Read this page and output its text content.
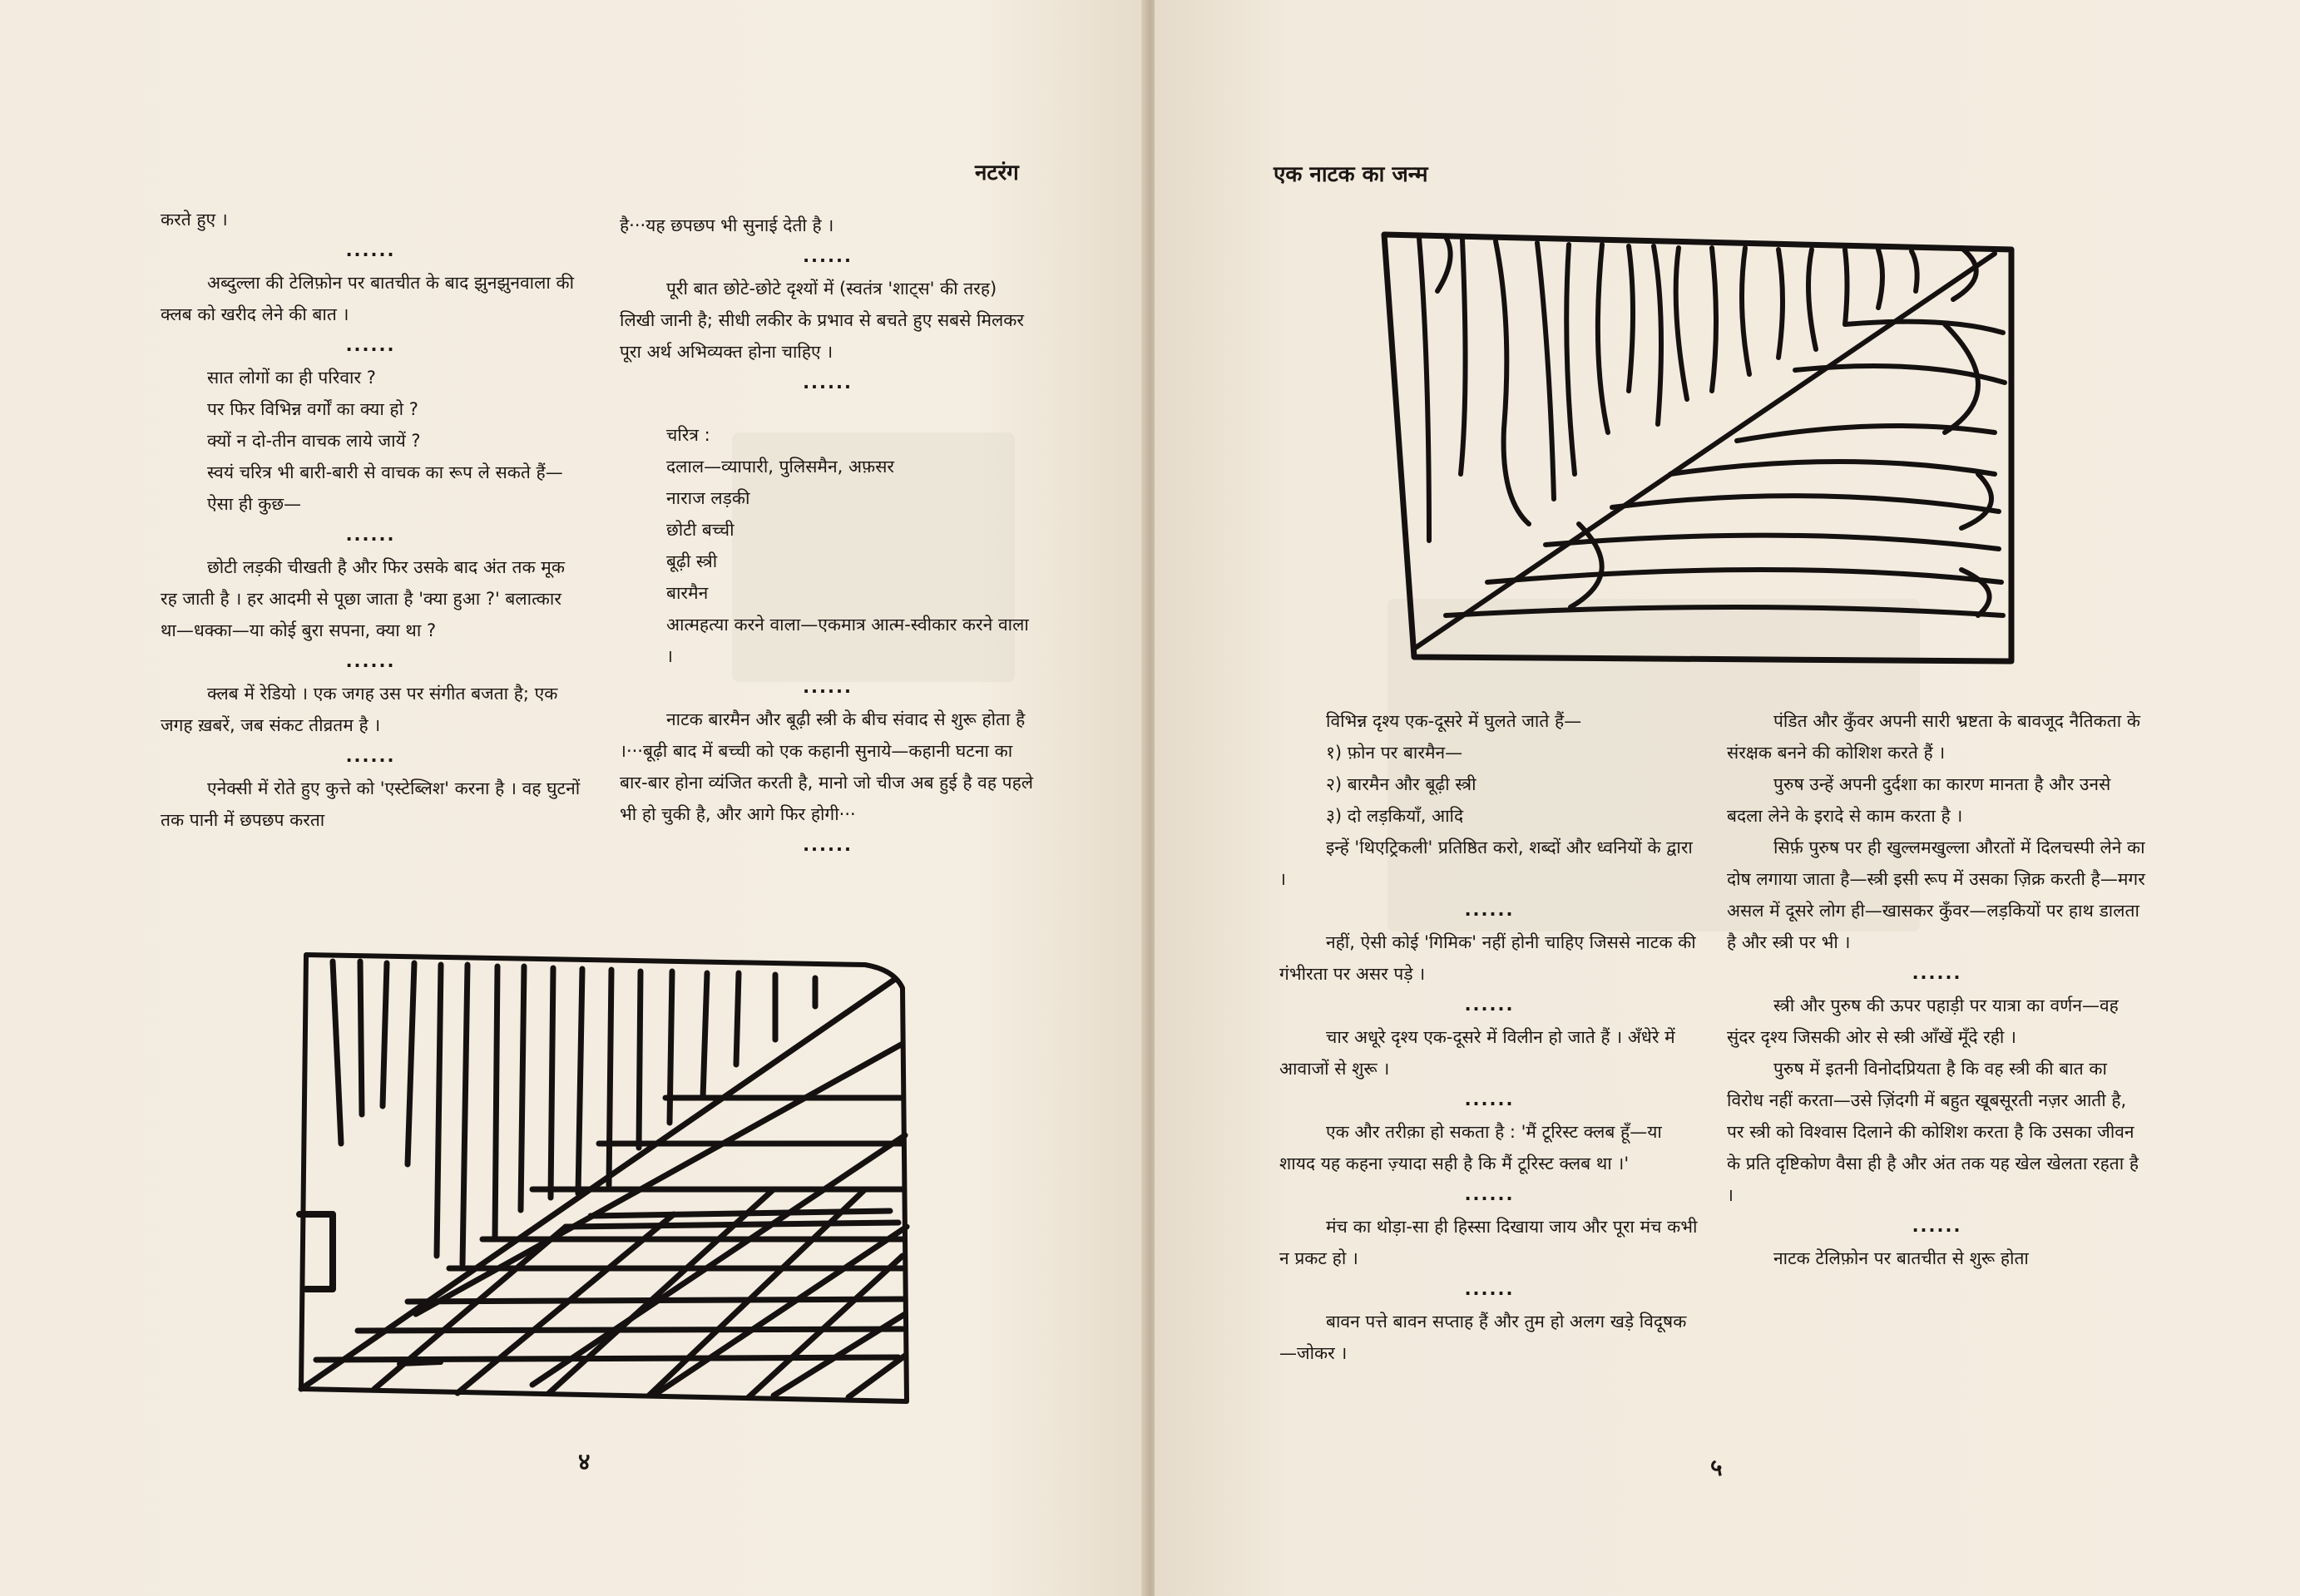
नटरंग

करते हुए ।

......

अब्दुल्ला की टेलिफ़ोन पर बातचीत के बाद झुनझुनवाला की क्लब को खरीद लेने की बात ।

......

सात लोगों का ही परिवार ?

पर फिर विभिन्न वर्गों का क्या हो ?

क्यों न दो-तीन वाचक लाये जायें ?

स्वयं चरित्र भी बारी-बारी से वाचक का रूप ले सकते हैं—

ऐसा ही कुछ—

......

छोटी लड़की चीखती है और फिर उसके बाद अंत तक मूक रह जाती है । हर आदमी से पूछा जाता है 'क्या हुआ ?' बलात्कार था—धक्का—या कोई बुरा सपना, क्या था ?

......

क्लब में रेडियो । एक जगह उस पर संगीत बजता है; एक जगह ख़बरें, जब संकट तीव्रतम है ।

......

एनेक्सी में रोते हुए कुत्ते को 'एस्टेब्लिश' करना है । वह घुटनों तक पानी में छपछप करता

है···यह छपछप भी सुनाई देती है ।

......

पूरी बात छोटे-छोटे दृश्यों में (स्वतंत्र 'शाट्स' की तरह) लिखी जानी है; सीधी लकीर के प्रभाव से बचते हुए सबसे मिलकर पूरा अर्थ अभिव्यक्त होना चाहिए ।

......

चरित्र :

दलाल—व्यापारी, पुलिसमैन, अफ़सर

नाराज लड़की

छोटी बच्ची

बूढ़ी स्त्री

बारमैन

आत्महत्या करने वाला—एकमात्र आत्म-स्वीकार करने वाला ।

......

नाटक बारमैन और बूढ़ी स्त्री के बीच संवाद से शुरू होता है ।···बूढ़ी बाद में बच्ची को एक कहानी सुनाये—कहानी घटना का बार-बार होना व्यंजित करती है, मानो जो चीज अब हुई है वह पहले भी हो चुकी है, और आगे फिर होगी···

......
४
एक नाटक का जन्म

विभिन्न दृश्य एक-दूसरे में घुलते जाते हैं—

१) फ़ोन पर बारमैन—

२) बारमैन और बूढ़ी स्त्री

३) दो लड़कियाँ, आदि

इन्हें 'थिएट्रिकली' प्रतिष्ठित करो, शब्दों और ध्वनियों के द्वारा ।

......

नहीं, ऐसी कोई 'गिमिक' नहीं होनी चाहिए जिससे नाटक की गंभीरता पर असर पड़े ।

......

चार अधूरे दृश्य एक-दूसरे में विलीन हो जाते हैं । अँधेरे में आवाजों से शुरू ।

......

एक और तरीक़ा हो सकता है : 'मैं टूरिस्ट क्लब हूँ—या शायद यह कहना ज़्यादा सही है कि मैं टूरिस्ट क्लब था ।'

......

मंच का थोड़ा-सा ही हिस्सा दिखाया जाय और पूरा मंच कभी न प्रकट हो ।

......

बावन पत्ते बावन सप्ताह हैं और तुम हो अलग खड़े विदूषक—जोकर ।

पंडित और कुँवर अपनी सारी भ्रष्टता के बावजूद नैतिकता के संरक्षक बनने की कोशिश करते हैं ।

पुरुष उन्हें अपनी दुर्दशा का कारण मानता है और उनसे बदला लेने के इरादे से काम करता है ।

सिर्फ़ पुरुष पर ही खुल्लमखुल्ला औरतों में दिलचस्पी लेने का दोष लगाया जाता है—स्त्री इसी रूप में उसका ज़िक्र करती है—मगर असल में दूसरे लोग ही—खासकर कुँवर—लड़कियों पर हाथ डालता है और स्त्री पर भी ।

......

स्त्री और पुरुष की ऊपर पहाड़ी पर यात्रा का वर्णन—वह सुंदर दृश्य जिसकी ओर से स्त्री आँखें मूँदे रही ।

पुरुष में इतनी विनोदप्रियता है कि वह स्त्री की बात का विरोध नहीं करता—उसे ज़िंदगी में बहुत खूबसूरती नज़र आती है, पर स्त्री को विश्वास दिलाने की कोशिश करता है कि उसका जीवन के प्रति दृष्टिकोण वैसा ही है और अंत तक यह खेल खेलता रहता है ।

......

नाटक टेलिफ़ोन पर बातचीत से शुरू होता

५
